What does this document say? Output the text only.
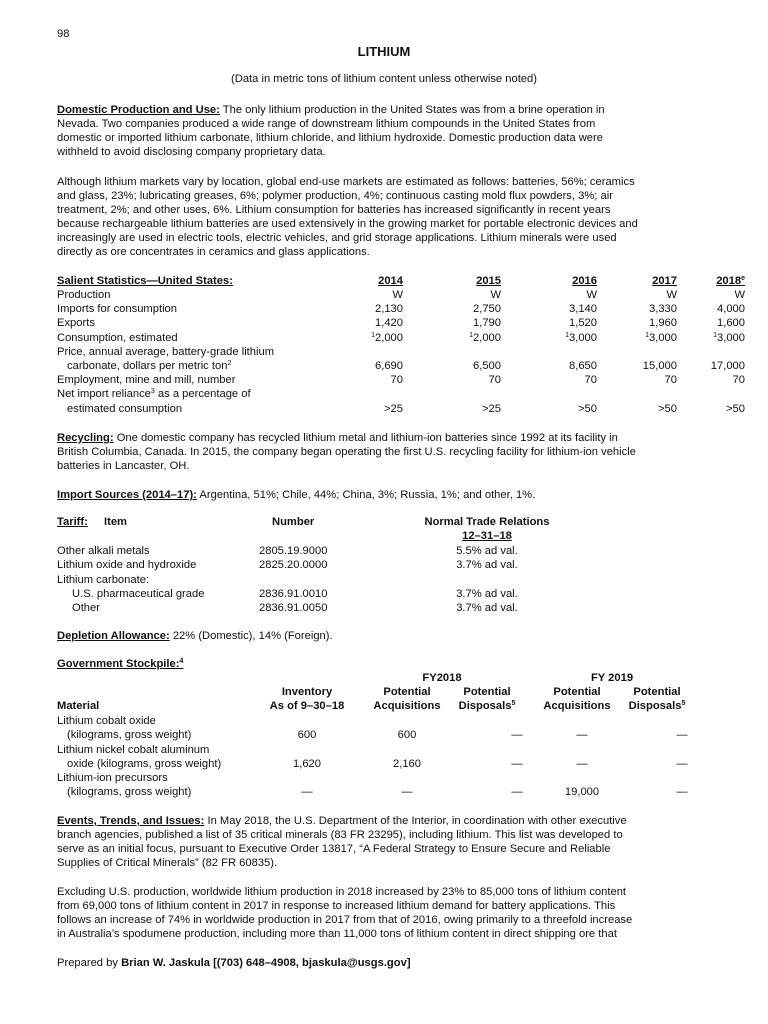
98
LITHIUM
(Data in metric tons of lithium content unless otherwise noted)
Domestic Production and Use: The only lithium production in the United States was from a brine operation in
Nevada. Two companies produced a wide range of downstream lithium compounds in the United States from
domestic or imported lithium carbonate, lithium chloride, and lithium hydroxide. Domestic production data were
withheld to avoid disclosing company proprietary data.
Although lithium markets vary by location, global end-use markets are estimated as follows: batteries, 56%; ceramics
and glass, 23%; lubricating greases, 6%; polymer production, 4%; continuous casting mold flux powders, 3%; air
treatment, 2%; and other uses, 6%. Lithium consumption for batteries has increased significantly in recent years
because rechargeable lithium batteries are used extensively in the growing market for portable electronic devices and
increasingly are used in electric tools, electric vehicles, and grid storage applications. Lithium minerals were used
directly as ore concentrates in ceramics and glass applications.
Salient Statistics—United States:	2014	2015	2016	2017	2018e
Production	W	W	W	W	W
Imports for consumption	2,130	2,750	3,140	3,330	4,000
Exports	1,420	1,790	1,520	1,960	1,600
Consumption, estimated	$^1$2,000	$^1$2,000	$^1$3,000	$^1$3,000	$^1$3,000
Price, annual average, battery-grade lithium
carbonate, dollars per metric ton$^2$	6,690	6,500	8,650	15,000	17,000
Employment, mine and mill, number	70	70	70	70	70
Net import reliance$^3$ as a percentage of
estimated consumption	>25	>25	>50	>50	>50
Recycling: One domestic company has recycled lithium metal and lithium-ion batteries since 1992 at its facility in
British Columbia, Canada. In 2015, the company began operating the first U.S. recycling facility for lithium-ion vehicle
batteries in Lancaster, OH.
Import Sources (2014–17): Argentina, 51%; Chile, 44%; China, 3%; Russia, 1%; and other, 1%.
Tariff: Item	Number	Normal Trade Relations
12–31–18
Other alkali metals	2805.19.9000	5.5% ad val.
Lithium oxide and hydroxide	2825.20.0000	3.7% ad val.
Lithium carbonate:
U.S. pharmaceutical grade	2836.91.0010	3.7% ad val.
Other	2836.91.0050	3.7% ad val.
Depletion Allowance: 22% (Domestic), 14% (Foreign).
Government Stockpile:$^4$
FY2018	FY 2019
Inventory	Potential	Potential	Potential	Potential
Material	As of 9–30–18	Acquisitions	Disposals$^5$	Acquisitions	Disposals$^5$
Lithium cobalt oxide
(kilograms, gross weight)	600	600	—	—	—
Lithium nickel cobalt aluminum
oxide (kilograms, gross weight)	1,620	2,160	—	—	—
Lithium-ion precursors
(kilograms, gross weight)	—	—	—	19,000	—
Events, Trends, and Issues: In May 2018, the U.S. Department of the Interior, in coordination with other executive
branch agencies, published a list of 35 critical minerals (83 FR 23295), including lithium. This list was developed to
serve as an initial focus, pursuant to Executive Order 13817, “A Federal Strategy to Ensure Secure and Reliable
Supplies of Critical Minerals” (82 FR 60835).
Excluding U.S. production, worldwide lithium production in 2018 increased by 23% to 85,000 tons of lithium content
from 69,000 tons of lithium content in 2017 in response to increased lithium demand for battery applications. This
follows an increase of 74% in worldwide production in 2017 from that of 2016, owing primarily to a threefold increase
in Australia’s spodumene production, including more than 11,000 tons of lithium content in direct shipping ore that
Prepared by Brian W. Jaskula [(703) 648–4908, bjaskula@usgs.gov]
